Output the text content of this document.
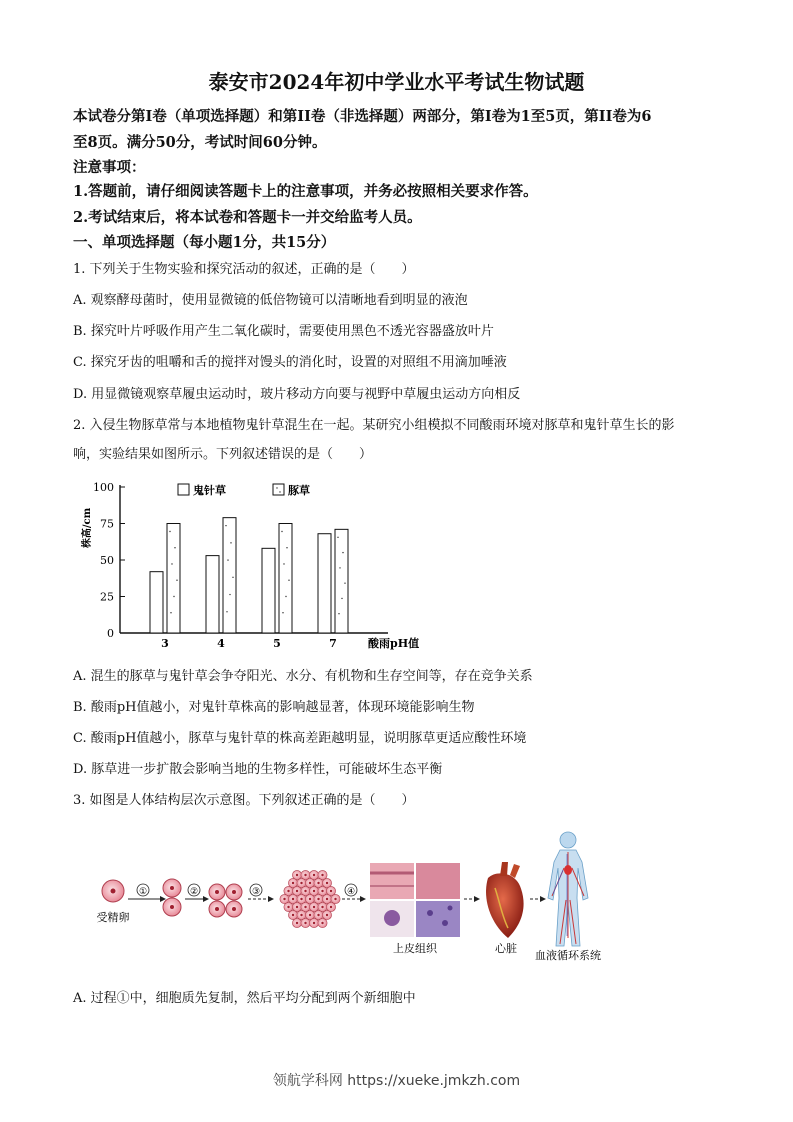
泰安市2024年初中学业水平考试生物试题
本试卷分第I卷（单项选择题）和第II卷（非选择题）两部分，第I卷为1至5页，第II卷为6
至8页。满分50分，考试时间60分钟。
注意事项：
1.答题前，请仔细阅读答题卡上的注意事项，并务必按照相关要求作答。
2.考试结束后，将本试卷和答题卡一并交给监考人员。
一、单项选择题（每小题1分，共15分）
1. 下列关于生物实验和探究活动的叙述，正确的是（　　）
A. 观察酵母菌时，使用显微镜的低倍物镜可以清晰地看到明显的液泡
B. 探究叶片呼吸作用产生二氧化碳时，需要使用黑色不透光容器盛放叶片
C. 探究牙齿的咀嚼和舌的搅拌对馒头的消化时，设置的对照组不用滴加唾液
D. 用显微镜观察草履虫运动时，玻片移动方向要与视野中草履虫运动方向相反
2. 入侵生物豚草常与本地植物鬼针草混生在一起。某研究小组模拟不同酸雨环境对豚草和鬼针草生长的影
响，实验结果如图所示。下列叙述错误的是（　　）
0
25
50
75
100
株高/cm
3	4	5	7	酸雨pH值
鬼针草	豚草
A. 混生的豚草与鬼针草会争夺阳光、水分、有机物和生存空间等，存在竞争关系
B. 酸雨pH值越小，对鬼针草株高的影响越显著，体现环境能影响生物
C. 酸雨pH值越小，豚草与鬼针草的株高差距越明显，说明豚草更适应酸性环境
D. 豚草进一步扩散会影响当地的生物多样性，可能破坏生态平衡
3. 如图是人体结构层次示意图。下列叙述正确的是（　　）
①	②	③	④
受精卵
上皮组织	心脏
血液循环系统
A. 过程①中，细胞质先复制，然后平均分配到两个新细胞中
领航学科网 https://xueke.jmkzh.com
